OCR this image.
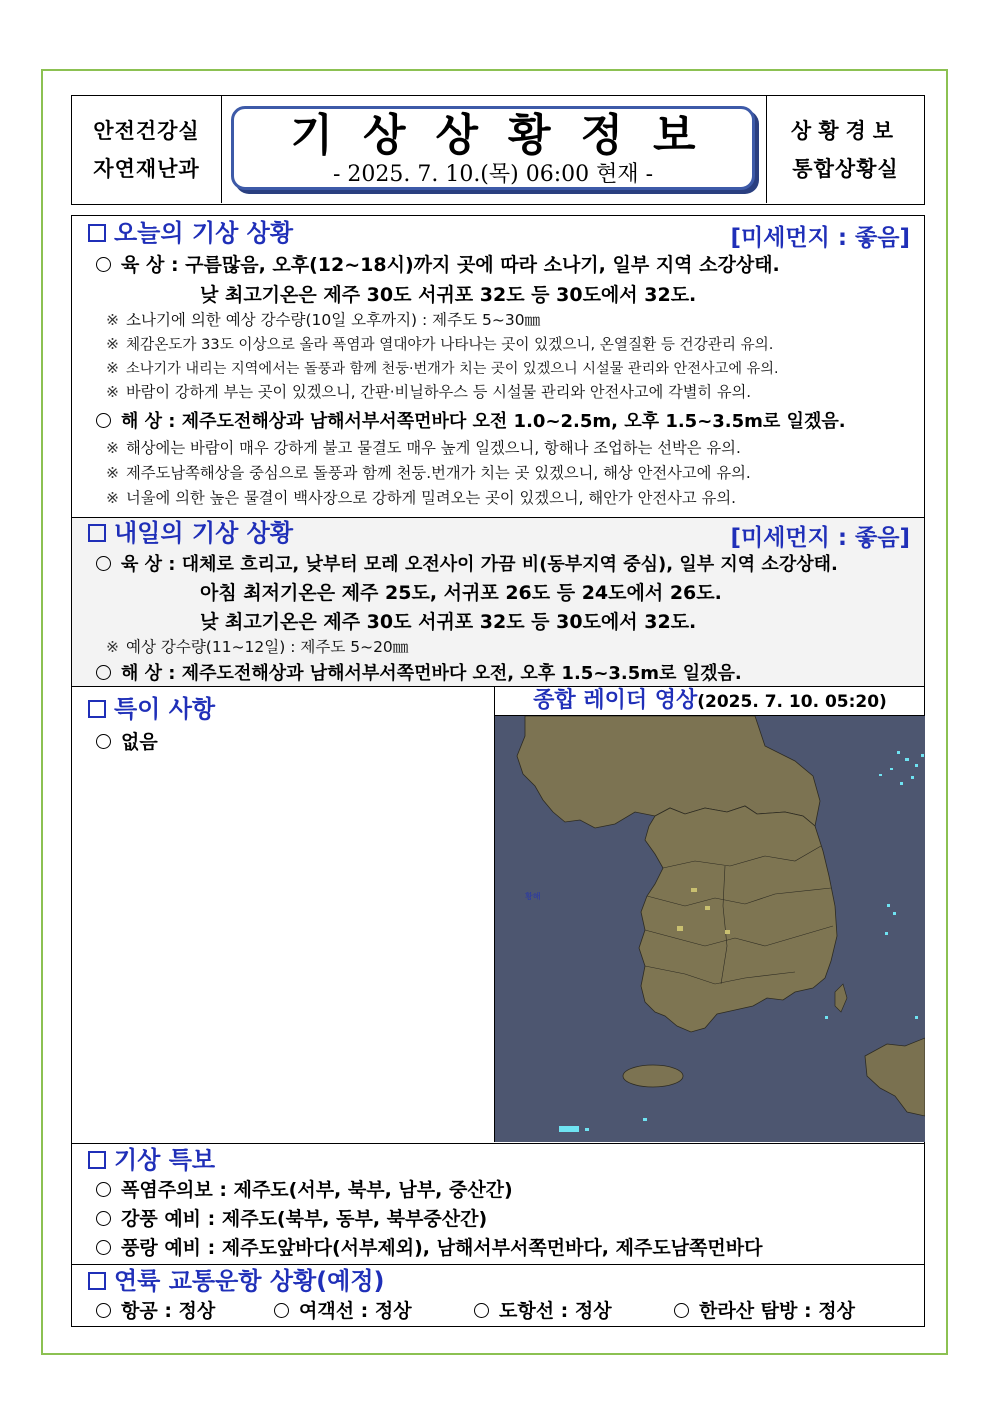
안전건강실
자연재난과
기상상황정보
- 2025. 7. 10.(목) 06:00 현재 -
상황경보
통합상황실
오늘의 기상 상황	[미세먼지 : 좋음]
육 상 : 구름많음, 오후(12~18시)까지 곳에 따라 소나기, 일부 지역 소강상태.
낮 최고기온은 제주 30도 서귀포 32도 등 30도에서 32도.
※ 소나기에 의한 예상 강수량(10일 오후까지) : 제주도 5~30㎜
※ 체감온도가 33도 이상으로 올라 폭염과 열대야가 나타나는 곳이 있겠으니, 온열질환 등 건강관리 유의.
※ 소나기가 내리는 지역에서는 돌풍과 함께 천둥·번개가 치는 곳이 있겠으니 시설물 관리와 안전사고에 유의.
※ 바람이 강하게 부는 곳이 있겠으니, 간판·비닐하우스 등 시설물 관리와 안전사고에 각별히 유의.
해 상 : 제주도전해상과 남해서부서쪽먼바다 오전 1.0~2.5m, 오후 1.5~3.5m로 일겠음.
※ 해상에는 바람이 매우 강하게 불고 물결도 매우 높게 일겠으니, 항해나 조업하는 선박은 유의.
※ 제주도남쪽해상을 중심으로 돌풍과 함께 천둥.번개가 치는 곳 있겠으니, 해상 안전사고에 유의.
※ 너울에 의한 높은 물결이 백사장으로 강하게 밀려오는 곳이 있겠으니, 해안가 안전사고 유의.
내일의 기상 상황	[미세먼지 : 좋음]
육 상 : 대체로 흐리고, 낮부터 모레 오전사이 가끔 비(동부지역 중심), 일부 지역 소강상태.
아침 최저기온은 제주 25도, 서귀포 26도 등 24도에서 26도.
낮 최고기온은 제주 30도 서귀포 32도 등 30도에서 32도.
※ 예상 강수량(11~12일) : 제주도 5~20㎜
해 상 : 제주도전해상과 남해서부서쪽먼바다 오전, 오후 1.5~3.5m로 일겠음.
특이 사항
없음
종합 레이더 영상(2025. 7. 10. 05:20)
황해
기상 특보
폭염주의보 : 제주도(서부, 북부, 남부, 중산간)
강풍 예비 : 제주도(북부, 동부, 북부중산간)
풍랑 예비 : 제주도앞바다(서부제외), 남해서부서쪽먼바다, 제주도남쪽먼바다
연륙 교통운항 상황(예정)
항공 : 정상	여객선 : 정상	도항선 : 정상	한라산 탐방 : 정상
